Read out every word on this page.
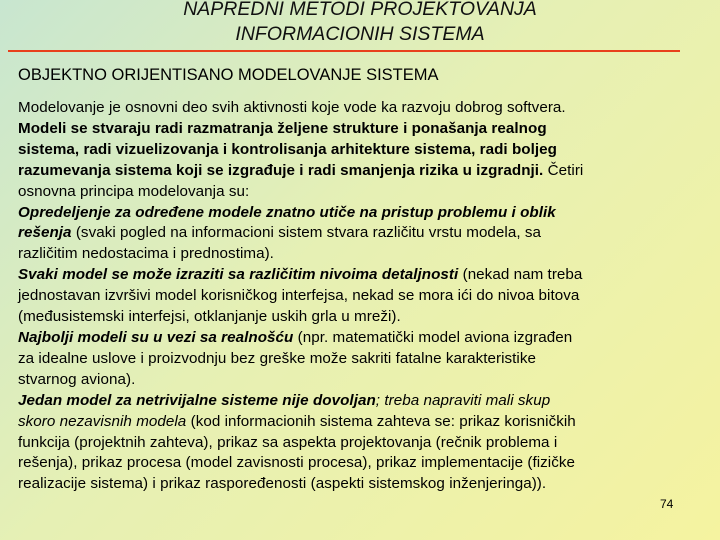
NAPREDNI METODI PROJEKTOVANJA
INFORMACIONIH SISTEMA
OBJEKTNO ORIJENTISANO MODELOVANJE SISTEMA
Modelovanje je osnovni deo svih aktivnosti koje vode ka razvoju dobrog softvera.
Modeli se stvaraju radi razmatranja željene strukture i ponašanja realnog
sistema, radi vizuelizovanja i kontrolisanja arhitekture sistema, radi boljeg
razumevanja sistema koji se izgrađuje i radi smanjenja rizika u izgradnji. Četiri
osnovna principa modelovanja su:
Opredeljenje za određene modele znatno utiče na pristup problemu i oblik
rešenja (svaki pogled na informacioni sistem stvara različitu vrstu modela, sa
različitim nedostacima i prednostima).
Svaki model se može izraziti sa različitim nivoima detaljnosti (nekad nam treba
jednostavan izvršivi model korisničkog interfejsa, nekad se mora ići do nivoa bitova
(međusistemski interfejsi, otklanjanje uskih grla u mreži).
Najbolji modeli su u vezi sa realnošću (npr. matematički model aviona izgrađen
za idealne uslove i proizvodnju bez greške može sakriti fatalne karakteristike
stvarnog aviona).
Jedan model za netrivijalne sisteme nije dovoljan; treba napraviti mali skup
skoro nezavisnih modela (kod informacionih sistema zahteva se: prikaz korisničkih
funkcija (projektnih zahteva), prikaz sa aspekta projektovanja (rečnik problema i
rešenja), prikaz procesa (model zavisnosti procesa), prikaz implementacije (fizičke
realizacije sistema) i prikaz raspoređenosti (aspekti sistemskog inženjeringa)).
74
